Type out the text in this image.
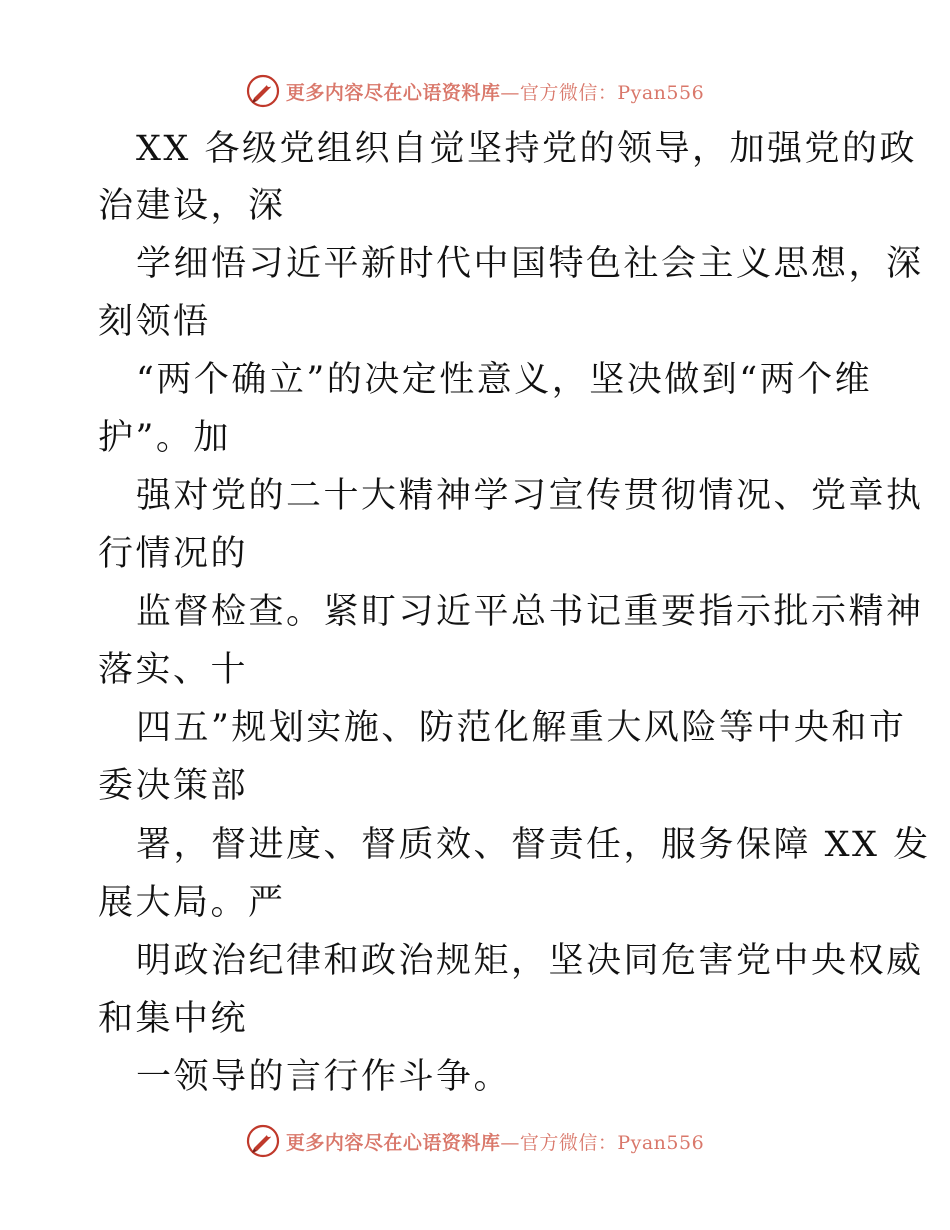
更多内容尽在心语资料库—官方微信：Pyan556
XX 各级党组织自觉坚持党的领导，加强党的政
治建设，深
学细悟习近平新时代中国特色社会主义思想，深
刻领悟
“两个确立”的决定性意义，坚决做到“两个维
护”。加
强对党的二十大精神学习宣传贯彻情况、党章执
行情况的
监督检查。紧盯习近平总书记重要指示批示精神
落实、十
四五”规划实施、防范化解重大风险等中央和市
委决策部
署，督进度、督质效、督责任，服务保障 XX 发
展大局。严
明政治纪律和政治规矩，坚决同危害党中央权威
和集中统
一领导的言行作斗争。
更多内容尽在心语资料库—官方微信：Pyan556
